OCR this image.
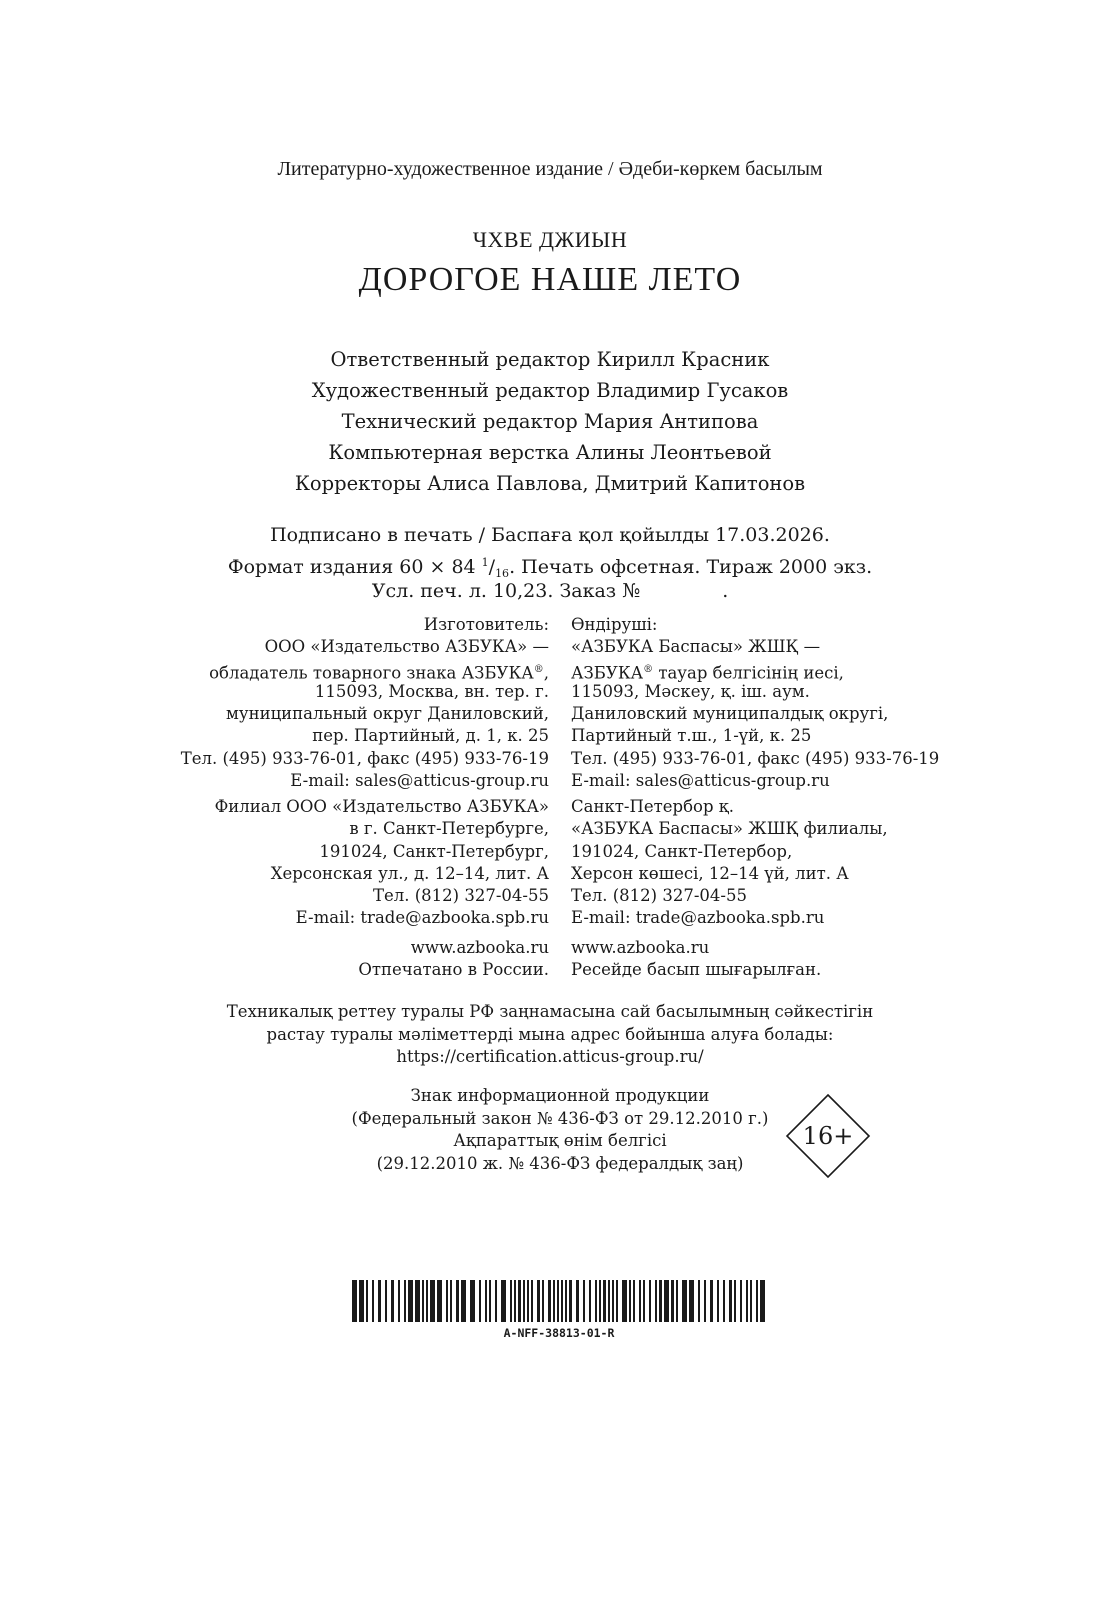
Литературно-художественное издание / Әдеби-көркем басылым
ЧХВЕ ДЖИЫН
ДОРОГОЕ НАШЕ ЛЕТО
Ответственный редактор Кирилл Красник
Художественный редактор Владимир Гусаков
Технический редактор Мария Антипова
Компьютерная верстка Алины Леонтьевой
Корректоры Алиса Павлова, Дмитрий Капитонов
Подписано в печать / Баспаға қол қойылды 17.03.2026.
Формат издания 60 × 84 $^1/_{16}$. Печать офсетная. Тираж 2000 экз.
Усл. печ. л. 10,23. Заказ №	.
Изготовитель:
ООО «Издательство АЗБУКА» —
обладатель товарного знака АЗБУКА®,
115093, Москва, вн. тер. г.
муниципальный округ Даниловский,
пер. Партийный, д. 1, к. 25
Тел. (495) 933-76-01, факс (495) 933-76-19
E-mail: sales@atticus-group.ru
Өндіруші:
«АЗБУКА Баспасы» ЖШҚ —
АЗБУКА® тауар белгісінің иесі,
115093, Мәскеу, қ. іш. аум.
Даниловский муниципалдық округі,
Партийный т.ш., 1-үй, к. 25
Тел. (495) 933-76-01, факс (495) 933-76-19
E-mail: sales@atticus-group.ru
Филиал ООО «Издательство АЗБУКА»
в г. Санкт-Петербурге,
191024, Санкт-Петербург,
Херсонская ул., д. 12–14, лит. А
Тел. (812) 327-04-55
E-mail: trade@azbooka.spb.ru
Санкт-Петербор қ.
«АЗБУКА Баспасы» ЖШҚ филиалы,
191024, Санкт-Петербор,
Херсон көшесі, 12–14 үй, лит. А
Тел. (812) 327-04-55
E-mail: trade@azbooka.spb.ru
www.azbooka.ru
Отпечатано в России.
www.azbooka.ru
Ресейде басып шығарылған.
Техникалық реттеу туралы РФ заңнамасына сай басылымның сәйкестігін
растау туралы мәліметтерді мына адрес бойынша алуға болады:
https://certification.atticus-group.ru/
Знак информационной продукции
(Федеральный закон № 436-ФЗ от 29.12.2010 г.)
Ақпараттық өнім белгісі
(29.12.2010 ж. № 436-ФЗ федералдық заң)
16+
A-NFF-38813-01-R
